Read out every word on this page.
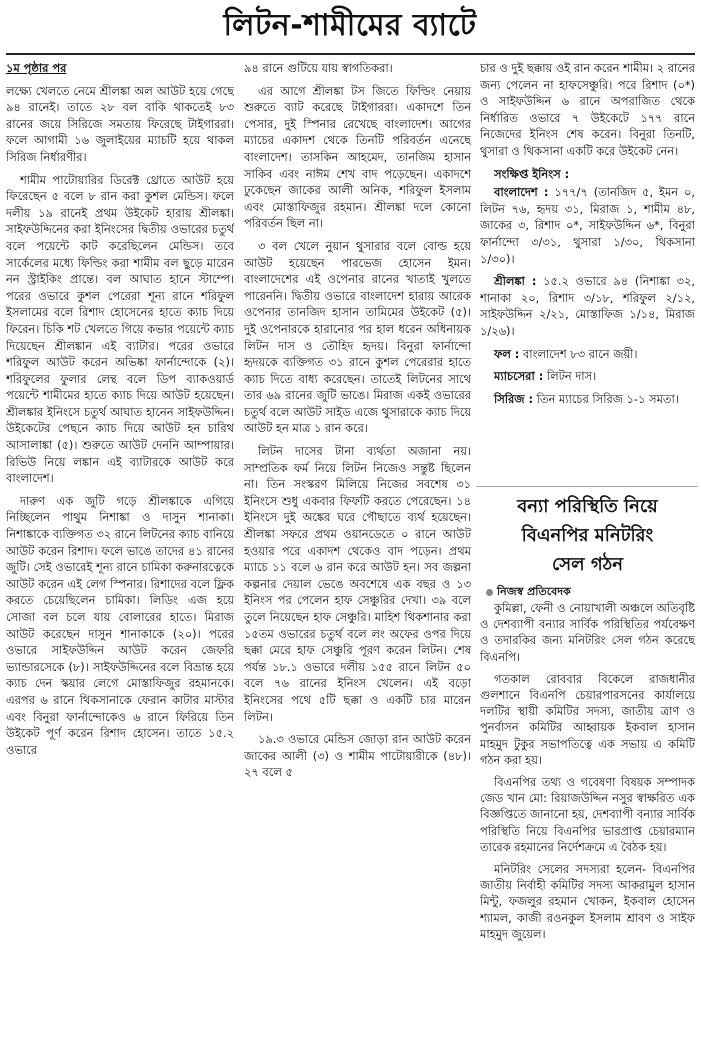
লিটন-শামীমের ব্যাটে

১ম পৃষ্ঠার পর

লক্ষ্যে খেলতে নেমে শ্রীলঙ্কা অল আউট হয়ে গেছে ৯৪ রানেই। তাতে ২৮ বল বাকি থাকতেই ৮৩ রানের জয়ে সিরিজে সমতায় ফিরেছে টাইগাররা। ফলে আগামী ১৬ জুলাইয়ের ম্যাচটি হয়ে থাকল সিরিজ নির্ধারণীর।

শামীম পাটোয়ারির ডিরেক্ট থ্রোতে আউট হয়ে ফিরেছেন ৫ বলে ৮ রান করা কুশল মেন্ডিস। ফলে দলীয় ১৯ রানেই প্রথম উইকেট হারায় শ্রীলঙ্কা। সাইফউদ্দিনের করা ইনিংসের দ্বিতীয় ওভারের চতুর্থ বলে পয়েন্টে কাট করেছিলেন মেন্ডিস। তবে সার্কেলের মধ্যে ফিল্ডিং করা শামীম বল ছুড়ে মারেন নন স্ট্রাইকিং প্রান্তে। বল আঘাত হানে স্টাম্পে। পরের ওভারে কুশল পেরেরা শূন্য রানে শরিফুল ইসলামের বলে রিশাদ হোসেনের হাতে ক্যাচ দিয়ে ফিরেন। চিকি শট খেলতে গিয়ে কভার পয়েন্টে ক্যাচ দিয়েছেন শ্রীলঙ্কান এই ব্যাটার। পরের ওভারে শরিফুল আউট করেন অভিষ্কা ফার্নান্দোকে (২)। শরিফুলের ফুলার লেন্থ বলে ডিপ ব্যাকওয়ার্ড পয়েন্টে শামীমের হাতে ক্যাচ দিয়ে আউট হয়েছেন। শ্রীলঙ্কার ইনিংসে চতুর্থ আঘাত হানেন সাইফউদ্দিন। উইকেটের পেছনে ক্যাচ দিয়ে আউট হন চারিথ আসালাঙ্কা (৫)। শুরুতে আউট দেননি আম্পায়ার। রিভিউ নিয়ে লঙ্কান এই ব্যাটারকে আউট করে বাংলাদেশ।

দারুণ এক জুটি গড়ে শ্রীলঙ্কাকে এগিয়ে নিচ্ছিলেন পাথুম নিশাঙ্কা ও দাসুন শানাকা। নিশাঙ্কাকে ব্যক্তিগত ৩২ রানে লিটনের ক্যাচ বানিয়ে আউট করেন রিশাদ। ফলে ভাঙে তাদের ৪১ রানের জুটি। সেই ওভারেই শূন্য রানে চামিকা করুনারত্নেকে আউট করেন এই লেগ স্পিনার। রিশাদের বলে ফ্লিক করতে চেয়েছিলেন চামিকা। লিডিং এজ হয়ে সোজা বল চলে যায় বোলারের হাতে। মিরাজ আউট করেছেন দাসুন শানাকাকে (২০)। পরের ওভারে সাইফউদ্দিন আউট করেন জেফরি ভ্যান্ডারসেকে (৮)। সাইফউদ্দিনের বলে বিভ্রান্ত হয়ে ক্যাচ দেন স্কয়ার লেগে মোস্তাফিজুর রহমানকে। এরপর ৬ রানে থিকসানাকে ফেরান কাটার মাস্টার এবং বিনুরা ফার্নান্দোকেও ৬ রানে ফিরিয়ে তিন উইকেট পূর্ণ করেন রিশাদ হোসেন। তাতে ১৫.২ ওভারে

৯৪ রানে গুটিয়ে যায় স্বাগতিকরা।

এর আগে শ্রীলঙ্কা টস জিতে ফিল্ডিং নেয়ায় শুরুতে ব্যাট করেছে টাইগাররা। একাদশে তিন পেসার, দুই স্পিনার রেখেছে বাংলাদেশ। আগের ম্যাচের একাদশ থেকে তিনটি পরিবর্তন এনেছে বাংলাদেশ। তাসকিন আহমেদ, তানজিম হাসান সাকিব এবং নাঈম শেখ বাদ পড়েছেন। একাদশে ঢুকেছেন জাকের আলী অনিক, শরিফুল ইসলাম এবং মোস্তাফিজুর রহমান। শ্রীলঙ্কা দলে কোনো পরিবর্তন ছিল না।

৩ বল খেলে নুয়ান থুসারার বলে বোল্ড হয়ে আউট হয়েছেন পারভেজ হোসেন ইমন। বাংলাদেশের এই ওপেনার রানের খাতাই খুলতে পারেননি। দ্বিতীয় ওভারে বাংলাদেশ হারায় আরেক ওপেনার তানজিদ হাসান তামিমের উইকেট (৫)। দুই ওপেনারকে হারানোর পর হাল ধরেন অধিনায়ক লিটন দাস ও তৌহিদ হৃদয়। বিনুরা ফার্নান্দো হৃদয়কে ব্যক্তিগত ৩১ রানে কুশল পেরেরার হাতে ক্যাচ দিতে বাধ্য করেছেন। তাতেই লিটনের সাথে তার ৬৯ রানের জুটি ভাঙে। মিরাজ একই ওভারের চতুর্থ বলে আউট সাইড এজে থুসারাকে ক্যাচ দিয়ে আউট হন মাত্র ১ রান করে।

লিটন দাসের টানা ব্যর্থতা অজানা নয়। সাম্প্রতিক ফর্ম নিয়ে লিটন নিজেও সন্তুষ্ট ছিলেন না। তিন সংস্করণ মিলিয়ে নিজের সবশেষ ৩১ ইনিংসে শুধু একবার ফিফটি করতে পেরেছেন। ১৪ ইনিংসে দুই অঙ্কের ঘরে পৌছাতে ব্যর্থ হয়েছেন। শ্রীলঙ্কা সফরে প্রথম ওয়ানডেতে ০ রানে আউট হওয়ার পরে একাদশ থেকেও বাদ পড়েন। প্রথম ম্যাচে ১১ বলে ৬ রান করে আউট হন। সব জল্পনা কল্পনার দেয়াল ভেঙে অবশেষে এক বছর ও ১৩ ইনিংস পর পেলেন হাফ সেঞ্চুরির দেখা। ৩৯ বলে তুলে নিয়েছেন হাফ সেঞ্চুরি। মাহিশ থিকশানার করা ১৫তম ওভারের চতুর্থ বলে লং অফের ওপর দিয়ে ছক্কা মেরে হাফ সেঞ্চুরি পূরণ করেন লিটন। শেষ পর্যন্ত ১৮.১ ওভারে দলীয় ১৫৫ রানে লিটন ৫০ বলে ৭৬ রানের ইনিংস খেলেন। এই বড়ো ইনিংসের পথে ৫টি ছক্কা ও একটি চার মারেন লিটন।

১৯.৩ ওভারে মেন্ডিস জোড়া রান আউট করেন জাকের আলী (৩) ও শামীম পাটোয়ারীকে (৪৮)। ২৭ বলে ৫

চার ও দুই ছক্কায় ওই রান করেন শামীম। ২ রানের জন্য পেলেন না হাফসেঞ্চুরি। পরে রিশাদ (০*) ও সাইফউদ্দিন ৬ রানে অপরাজিত থেকে নির্ধারিত ওভারে ৭ উইকেটে ১৭৭ রানে নিজেদের ইনিংস শেষ করেন। বিনুরা তিনটি, থুসারা ও থিকসানা একটি করে উইকেট নেন।

সংক্ষিপ্ত ইনিংস :

বাংলাদেশ : ১৭৭/৭ (তানজিদ ৫, ইমন ০, লিটন ৭৬, হৃদয় ৩১, মিরাজ ১, শামীম ৪৮, জাকের ৩, রিশাদ ০*, সাইফউদ্দিন ৬*, বিনুরা ফার্নান্দো ৩/৩১, থুসারা ১/৩০, থিকসানা ১/৩০)।

শ্রীলঙ্কা : ১৫.২ ওভারে ৯৪ (নিশাঙ্কা ৩২, শানাকা ২০, রিশাদ ৩/১৮, শরিফুল ২/১২, সাইফউদ্দিন ২/২১, মোস্তাফিজ ১/১৪, মিরাজ ১/২৬)।

ফল : বাংলাদেশ ৮৩ রানে জয়ী।

ম্যাচসেরা : লিটন দাস।

সিরিজ : তিন ম্যাচের সিরিজ ১-১ সমতা।

বন্যা পরিস্থিতি নিয়ে
বিএনপির মনিটরিং
সেল গঠন
নিজস্ব প্রতিবেদক

কুমিল্লা, ফেনী ও নোয়াখালী অঞ্চলে অতিবৃষ্টি ও দেশব্যাপী বন্যার সার্বিক পরিস্থিতির পর্যবেক্ষণ ও তদারকির জন্য মনিটরিং সেল গঠন করেছে বিএনপি।

গতকাল রোববার বিকেলে রাজধানীর গুলশানে বিএনপি চেয়ারপারসনের কার্যালয়ে দলটির স্থায়ী কমিটির সদস্য, জাতীয় ত্রাণ ও পুনর্বাসন কমিটির আহ্বায়ক ইকবাল হাসান মাহমুদ টুকুর সভাপতিত্বে এক সভায় এ কমিটি গঠন করা হয়।

বিএনপির তথ্য ও গবেষণা বিষয়ক সম্পাদক জেড খান মো: রিয়াজউদ্দিন নসুর স্বাক্ষরিত এক বিজ্ঞপ্তিতে জানানো হয়, দেশব্যাপী বন্যার সার্বিক পরিস্থিতি নিয়ে বিএনপির ভারপ্রাপ্ত চেয়ারম্যান তারেক রহমানের নির্দেশক্রমে এ বৈঠক হয়।

মনিটরিং সেলের সদস্যরা হলেন- বিএনপির জাতীয় নির্বাহী কমিটির সদস্য আকরামুল হাসান মিন্টু, ফজলুর রহমান খোকন, ইকবাল হোসেন শ্যামল, কাজী রওনকুল ইসলাম শ্রাবণ ও সাইফ মাহমুদ জুয়েল।
